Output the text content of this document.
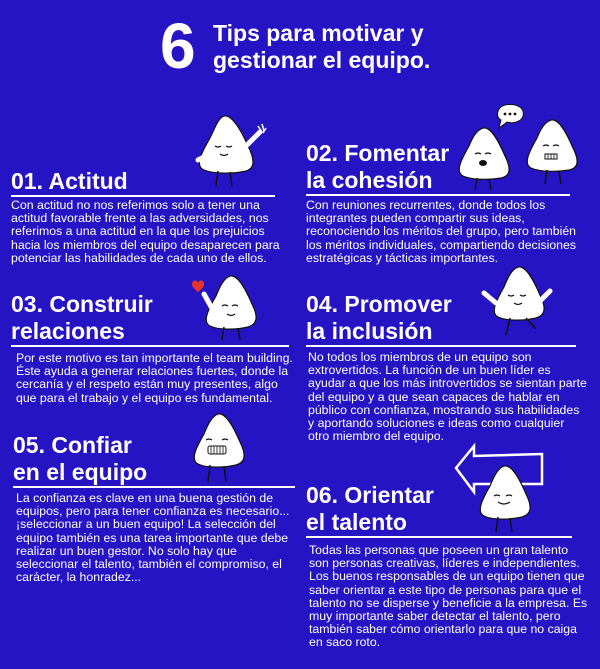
6 Tips para motivar y
gestionar el equipo.
01. Actitud
Con actitud no nos referimos solo a tener una actitud favorable frente a las adversidades, nos referimos a una actitud en la que los prejuicios hacia los miembros del equipo desaparecen para potenciar las habilidades de cada uno de ellos.
02. Fomentar
la cohesión
Con reuniones recurrentes, donde todos los integrantes pueden compartir sus ideas, reconociendo los méritos del grupo, pero también los méritos individuales, compartiendo decisiones estratégicas y tácticas importantes.
03. Construir
relaciones
Por este motivo es tan importante el team building. Éste ayuda a generar relaciones fuertes, donde la cercanía y el respeto están muy presentes, algo que para el trabajo y el equipo es fundamental.
04. Promover
la inclusión
No todos los miembros de un equipo son extrovertidos. La función de un buen líder es ayudar a que los más introvertidos se sientan parte del equipo y a que sean capaces de hablar en público con confianza, mostrando sus habilidades y aportando soluciones e ideas como cualquier otro miembro del equipo.
05. Confiar
en el equipo
La confianza es clave en una buena gestión de equipos, pero para tener confianza es necesario... ¡seleccionar a un buen equipo! La selección del equipo también es una tarea importante que debe realizar un buen gestor. No solo hay que seleccionar el talento, también el compromiso, el carácter, la honradez...
06. Orientar
el talento
Todas las personas que poseen un gran talento son personas creativas, líderes e independientes. Los buenos responsables de un equipo tienen que saber orientar a este tipo de personas para que el talento no se disperse y beneficie a la empresa. Es muy importante saber detectar el talento, pero también saber cómo orientarlo para que no caiga en saco roto.
